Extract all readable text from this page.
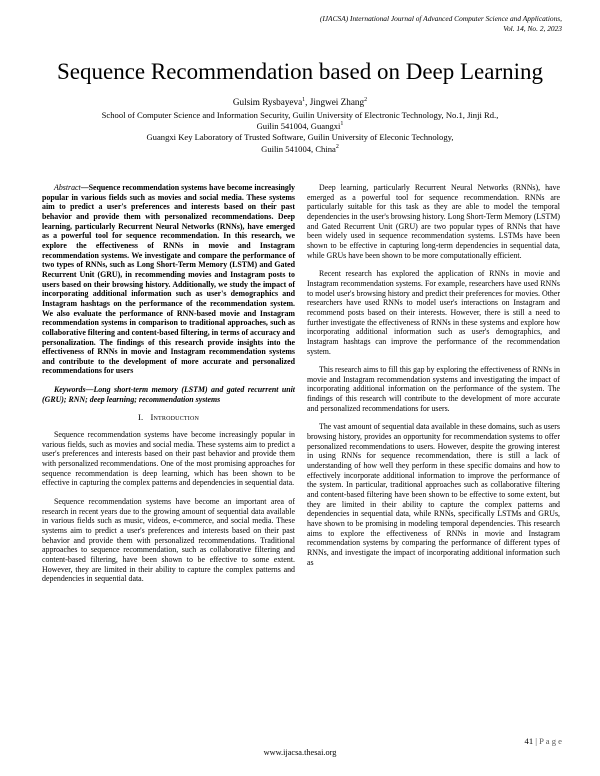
(IJACSA) International Journal of Advanced Computer Science and Applications,
Vol. 14, No. 2, 2023
Sequence Recommendation based on Deep Learning
Gulsim Rysbayeva$^1$, Jingwei Zhang$^2$
School of Computer Science and Information Security, Guilin University of Electronic Technology, No.1, Jinji Rd.,
Guilin 541004, Guangxi$^1$
Guangxi Key Laboratory of Trusted Software, Guilin University of Eleconic Technology,
Guilin 541004, China$^2$

Abstract—Sequence recommendation systems have become increasingly popular in various fields such as movies and social media. These systems aim to predict a user's preferences and interests based on their past behavior and provide them with personalized recommendations. Deep learning, particularly Recurrent Neural Networks (RNNs), have emerged as a powerful tool for sequence recommendation. In this research, we explore the effectiveness of RNNs in movie and Instagram recommendation systems. We investigate and compare the performance of two types of RNNs, such as Long Short-Term Memory (LSTM) and Gated Recurrent Unit (GRU), in recommending movies and Instagram posts to users based on their browsing history. Additionally, we study the impact of incorporating additional information such as user's demographics and Instagram hashtags on the performance of the recommendation system. We also evaluate the performance of RNN-based movie and Instagram recommendation systems in comparison to traditional approaches, such as collaborative filtering and content-based filtering, in terms of accuracy and personalization. The findings of this research provide insights into the effectiveness of RNNs in movie and Instagram recommendation systems and contribute to the development of more accurate and personalized recommendations for users

Keywords—Long short-term memory (LSTM) and gated recurrent unit (GRU); RNN; deep learning; recommendation systems

I. Introduction

Sequence recommendation systems have become increasingly popular in various fields, such as movies and social media. These systems aim to predict a user's preferences and interests based on their past behavior and provide them with personalized recommendations. One of the most promising approaches for sequence recommendation is deep learning, which has been shown to be effective in capturing the complex patterns and dependencies in sequential data.

Sequence recommendation systems have become an important area of research in recent years due to the growing amount of sequential data available in various fields such as music, videos, e-commerce, and social media. These systems aim to predict a user's preferences and interests based on their past behavior and provide them with personalized recommendations. Traditional approaches to sequence recommendation, such as collaborative filtering and content-based filtering, have been shown to be effective to some extent. However, they are limited in their ability to capture the complex patterns and dependencies in sequential data.

Deep learning, particularly Recurrent Neural Networks (RNNs), have emerged as a powerful tool for sequence recommendation. RNNs are particularly suitable for this task as they are able to model the temporal dependencies in the user's browsing history. Long Short-Term Memory (LSTM) and Gated Recurrent Unit (GRU) are two popular types of RNNs that have been widely used in sequence recommendation systems. LSTMs have been shown to be effective in capturing long-term dependencies in sequential data, while GRUs have been shown to be more computationally efficient.

Recent research has explored the application of RNNs in movie and Instagram recommendation systems. For example, researchers have used RNNs to model user's browsing history and predict their preferences for movies. Other researchers have used RNNs to model user's interactions on Instagram and recommend posts based on their interests. However, there is still a need to further investigate the effectiveness of RNNs in these systems and explore how incorporating additional information such as user's demographics, and Instagram hashtags can improve the performance of the recommendation system.

This research aims to fill this gap by exploring the effectiveness of RNNs in movie and Instagram recommendation systems and investigating the impact of incorporating additional information on the performance of the system. The findings of this research will contribute to the development of more accurate and personalized recommendations for users.

The vast amount of sequential data available in these domains, such as users browsing history, provides an opportunity for recommendation systems to offer personalized recommendations to users. However, despite the growing interest in using RNNs for sequence recommendation, there is still a lack of understanding of how well they perform in these specific domains and how to effectively incorporate additional information to improve the performance of the system. In particular, traditional approaches such as collaborative filtering and content-based filtering have been shown to be effective to some extent, but they are limited in their ability to capture the complex patterns and dependencies in sequential data, while RNNs, specifically LSTMs and GRUs, have shown to be promising in modeling temporal dependencies. This research aims to explore the effectiveness of RNNs in movie and Instagram recommendation systems by comparing the performance of different types of RNNs, and investigate the impact of incorporating additional information such as

41 | P a g e
www.ijacsa.thesai.org
